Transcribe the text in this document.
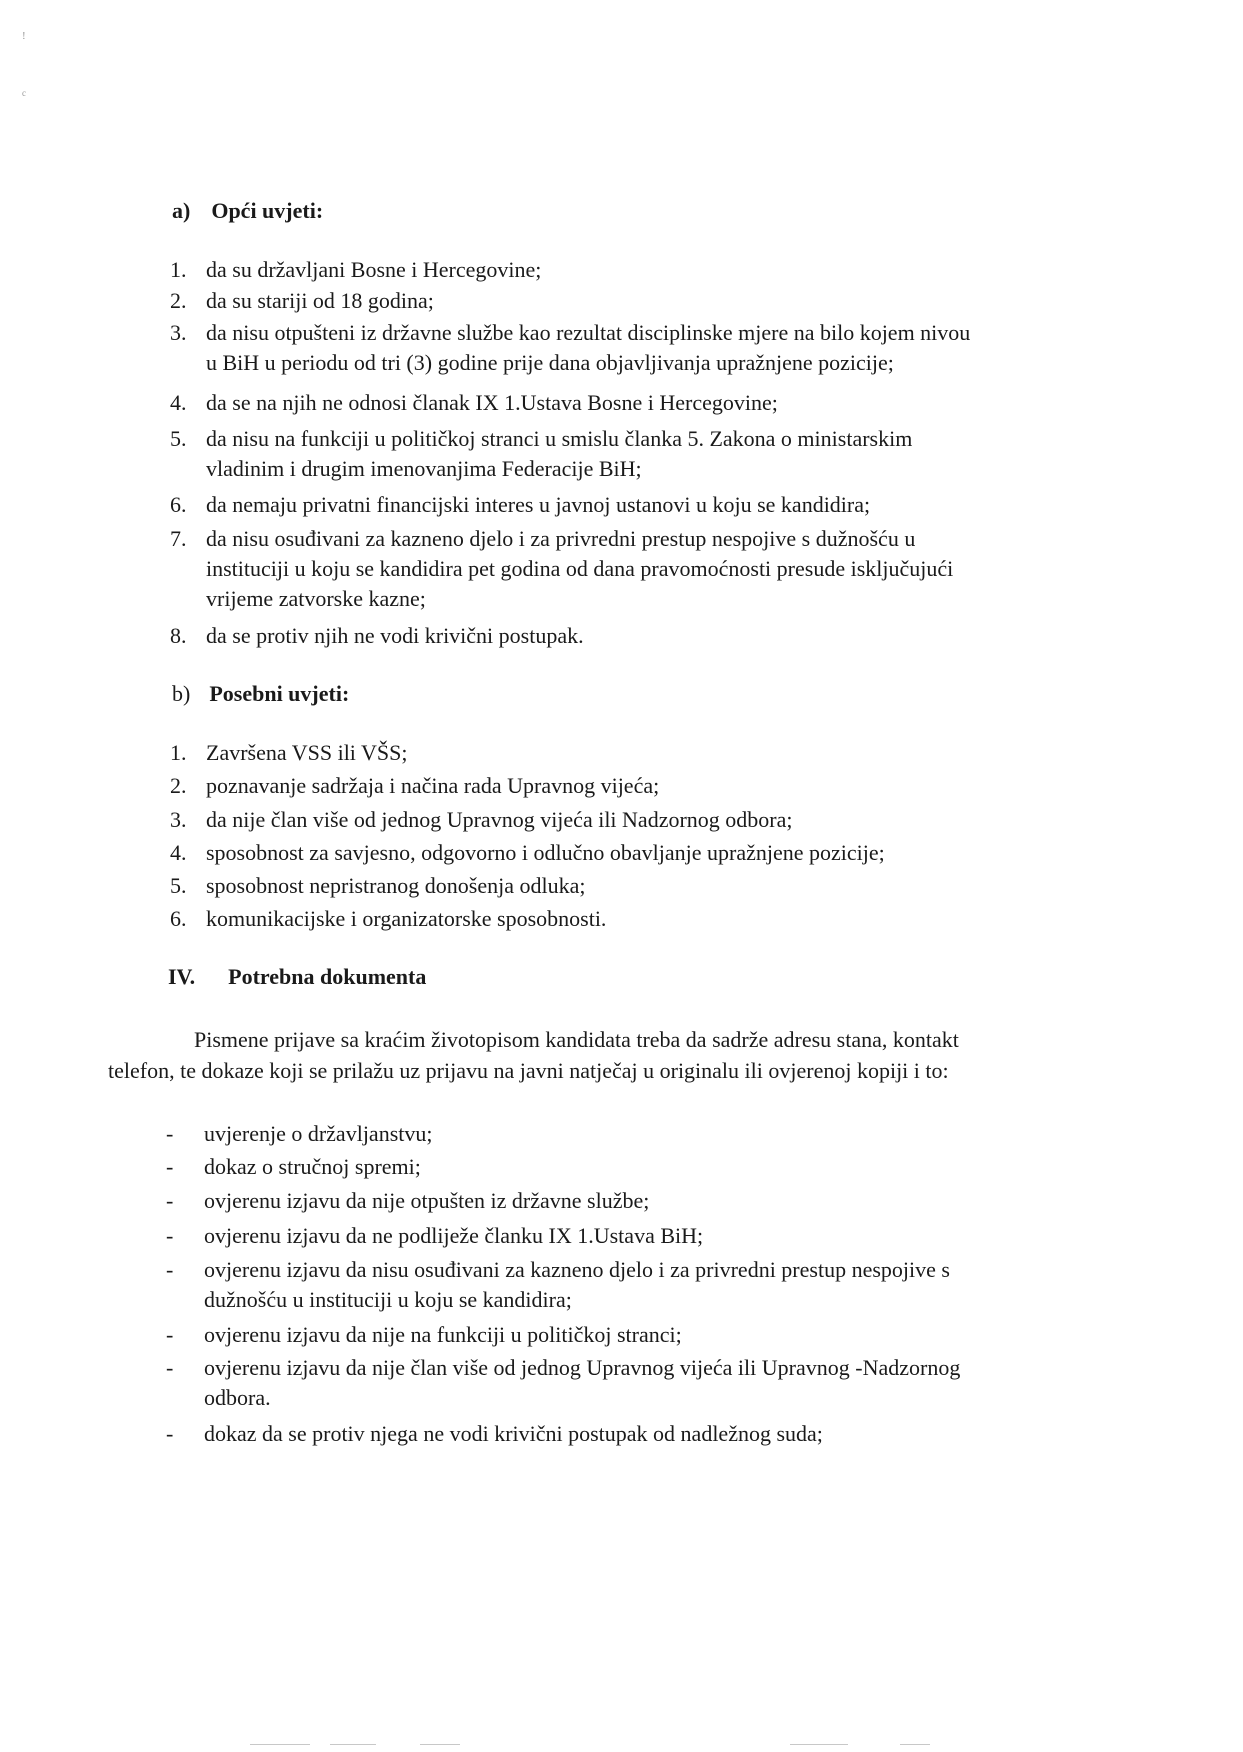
!
c
a) Opći uvjeti:
1. da su državljani Bosne i Hercegovine;
2. da su stariji od 18 godina;
3. da nisu otpušteni iz državne službe kao rezultat disciplinske mjere na bilo kojem nivou
u BiH u periodu od tri (3) godine prije dana objavljivanja upražnjene pozicije;
4. da se na njih ne odnosi članak IX 1.Ustava Bosne i Hercegovine;
5. da nisu na funkciji u političkoj stranci u smislu članka 5. Zakona o ministarskim
vladinim i drugim imenovanjima Federacije BiH;
6. da nemaju privatni financijski interes u javnoj ustanovi u koju se kandidira;
7. da nisu osuđivani za kazneno djelo i za privredni prestup nespojive s dužnošću u
instituciji u koju se kandidira pet godina od dana pravomoćnosti presude isključujući
vrijeme zatvorske kazne;
8. da se protiv njih ne vodi krivični postupak.
b) Posebni uvjeti:
1. Završena VSS ili VŠS;
2. poznavanje sadržaja i načina rada Upravnog vijeća;
3. da nije član više od jednog Upravnog vijeća ili Nadzornog odbora;
4. sposobnost za savjesno, odgovorno i odlučno obavljanje upražnjene pozicije;
5. sposobnost nepristranog donošenja odluka;
6. komunikacijske i organizatorske sposobnosti.
IV. Potrebna dokumenta
Pismene prijave sa kraćim životopisom kandidata treba da sadrže adresu stana, kontakt
telefon, te dokaze koji se prilažu uz prijavu na javni natječaj u originalu ili ovjerenoj kopiji i to:
-	uvjerenje o državljanstvu;
-	dokaz o stručnoj spremi;
-	ovjerenu izjavu da nije otpušten iz državne službe;
-	ovjerenu izjavu da ne podliježe članku IX 1.Ustava BiH;
-	ovjerenu izjavu da nisu osuđivani za kazneno djelo i za privredni prestup nespojive s
dužnošću u instituciji u koju se kandidira;
-	ovjerenu izjavu da nije na funkciji u političkoj stranci;
-	ovjerenu izjavu da nije član više od jednog Upravnog vijeća ili Upravnog -Nadzornog
odbora.
-	dokaz da se protiv njega ne vodi krivični postupak od nadležnog suda;
